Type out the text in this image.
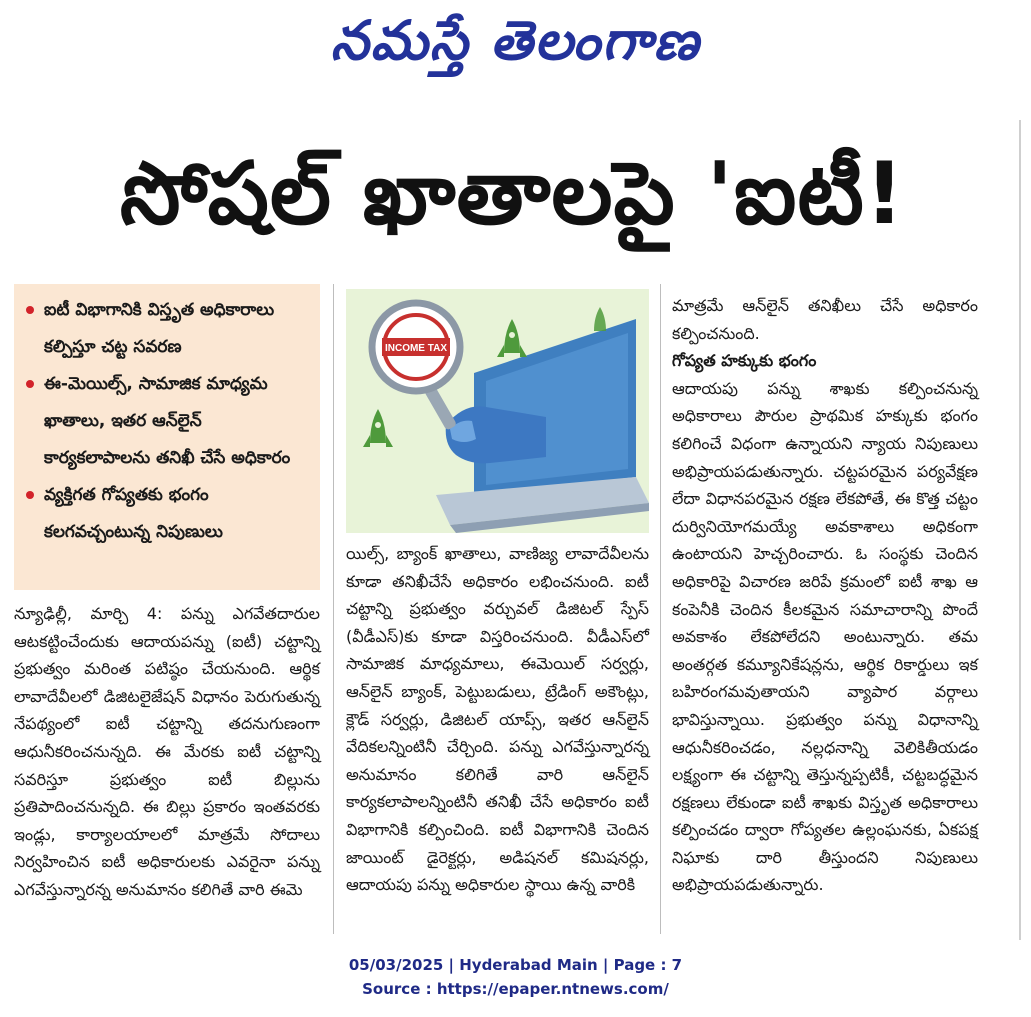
నమస్తే తెలంగాణ
సోషల్ ఖాతాలపై 'ఐటీ!
ఐటీ విభాగానికి విస్తృత అధికారాలు కల్పిస్తూ చట్ట సవరణ
ఈ-మెయిల్స్, సామాజిక మాధ్యమ ఖాతాలు, ఇతర ఆన్‌లైన్ కార్యకలాపాలను తనిఖీ చేసే అధికారం
వ్యక్తిగత గోప్యతకు భంగం కలగవచ్చంటున్న నిపుణులు
INCOME TAX

న్యూఢిల్లీ, మార్చి 4: పన్ను ఎగవేతదారుల ఆటకట్టించేందుకు ఆదాయపన్ను (ఐటీ) చట్టాన్ని ప్రభుత్వం మరింత పటిష్ఠం చేయనుంది. ఆర్థిక లావాదేవీలలో డిజిటలైజేషన్ విధానం పెరుగుతున్న నేపథ్యంలో ఐటీ చట్టాన్ని తదనుగుణంగా ఆధునీకరించనున్నది. ఈ మేరకు ఐటీ చట్టాన్ని సవరిస్తూ ప్రభుత్వం ఐటీ బిల్లును ప్రతిపాదించనున్నది. ఈ బిల్లు ప్రకారం ఇంతవరకు ఇండ్లు, కార్యాలయాలలో మాత్రమే సోదాలు నిర్వహించిన ఐటీ అధికారులకు ఎవరైనా పన్ను ఎగవేస్తున్నారన్న అనుమానం కలిగితే వారి ఈమె

యిల్స్, బ్యాంక్ ఖాతాలు, వాణిజ్య లావాదేవీలను కూడా తనిఖీచేసే అధికారం లభించనుంది. ఐటీ చట్టాన్ని ప్రభుత్వం వర్చువల్ డిజిటల్ స్పేస్ (వీడీఎస్)కు కూడా విస్తరించనుంది. వీడీఎస్‌లో సామాజిక మాధ్యమాలు, ఈమెయిల్ సర్వర్లు, ఆన్‌లైన్ బ్యాంక్, పెట్టుబడులు, ట్రేడింగ్ అకౌంట్లు, క్లౌడ్ సర్వర్లు, డిజిటల్ యాప్స్, ఇతర ఆన్‌లైన్ వేదికలన్నింటినీ చేర్చింది. పన్ను ఎగవేస్తున్నారన్న అనుమానం కలిగితే వారి ఆన్‌లైన్ కార్యకలాపాలన్నింటినీ తనిఖీ చేసే అధికారం ఐటీ విభాగానికి కల్పించింది. ఐటీ విభాగానికి చెందిన జాయింట్ డైరెక్టర్లు, అడిషనల్ కమిషనర్లు, ఆదాయపు పన్ను అధికారుల స్థాయి ఉన్న వారికి

మాత్రమే ఆన్‌లైన్ తనిఖీలు చేసే అధికారం కల్పించనుంది.

గోప్యత హక్కుకు భంగం

ఆదాయపు పన్ను శాఖకు కల్పించనున్న అధికారాలు పౌరుల ప్రాథమిక హక్కుకు భంగం కలిగించే విధంగా ఉన్నాయని న్యాయ నిపుణులు అభిప్రాయపడుతున్నారు. చట్టపరమైన పర్యవేక్షణ లేదా విధానపరమైన రక్షణ లేకపోతే, ఈ కొత్త చట్టం దుర్వినియోగమయ్యే అవకాశాలు అధికంగా ఉంటాయని హెచ్చరించారు. ఓ సంస్థకు చెందిన అధికారిపై విచారణ జరిపే క్రమంలో ఐటీ శాఖ ఆ కంపెనీకి చెందిన కీలకమైన సమాచారాన్ని పొందే అవకాశం లేకపోలేదని అంటున్నారు. తమ అంతర్గత కమ్యూనికేషన్లను, ఆర్థిక రికార్డులు ఇక బహిరంగమవుతాయని వ్యాపార వర్గాలు భావిస్తున్నాయి. ప్రభుత్వం పన్ను విధానాన్ని ఆధునీకరించడం, నల్లధనాన్ని వెలికితీయడం లక్ష్యంగా ఈ చట్టాన్ని తెస్తున్నప్పటికీ, చట్టబద్ధమైన రక్షణలు లేకుండా ఐటీ శాఖకు విస్తృత అధికారాలు కల్పించడం ద్వారా గోప్యతల ఉల్లంఘనకు, ఏకపక్ష నిఘాకు దారి తీస్తుందని నిపుణులు అభిప్రాయపడుతున్నారు.

05/03/2025 | Hyderabad Main | Page : 7
Source : https://epaper.ntnews.com/
